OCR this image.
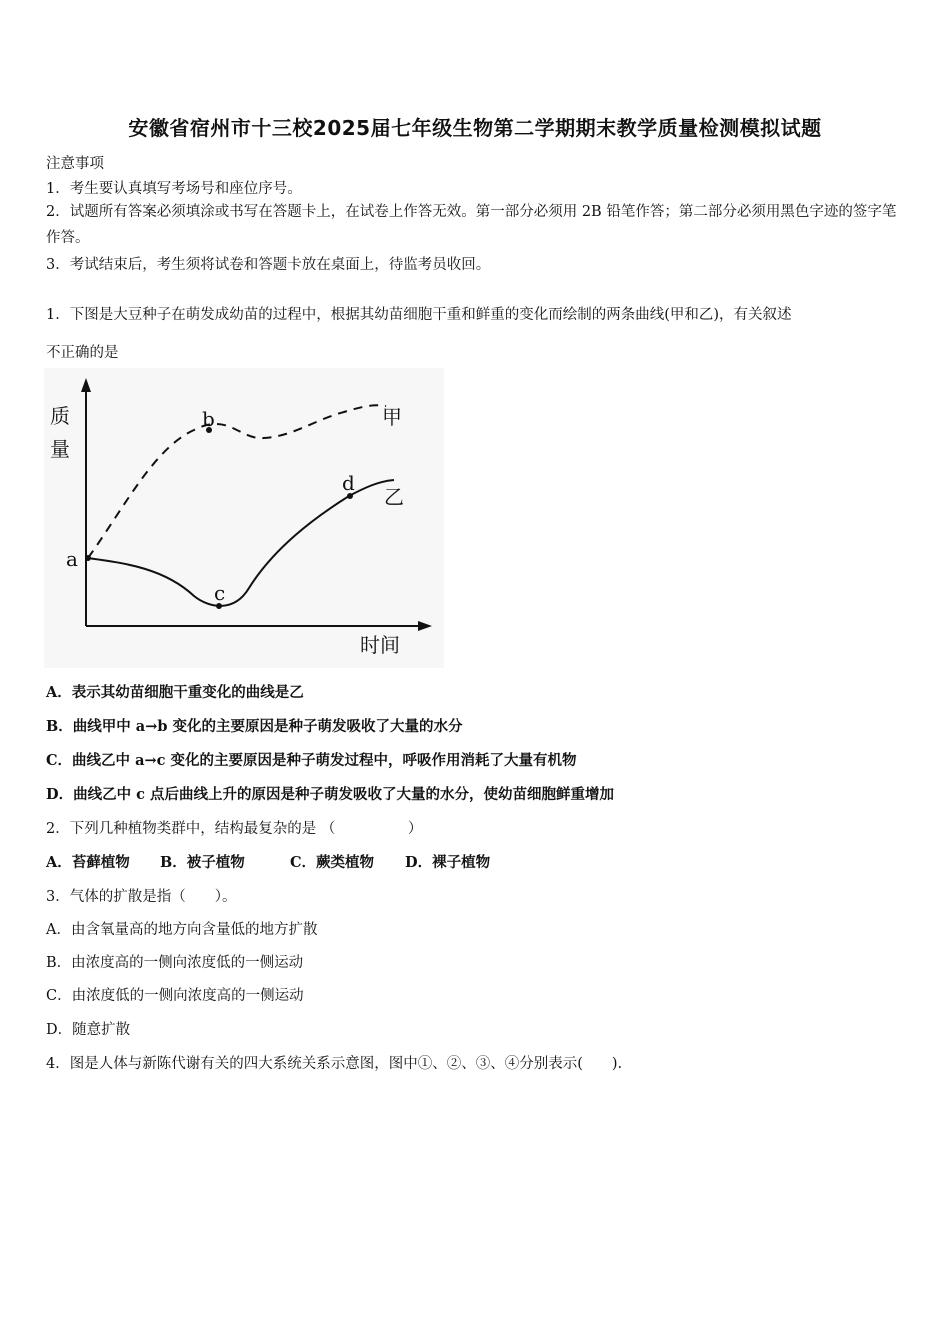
安徽省宿州市十三校2025届七年级生物第二学期期末教学质量检测模拟试题
注意事项
1．考生要认真填写考场号和座位序号。
2．试题所有答案必须填涂或书写在答题卡上，在试卷上作答无效。第一部分必须用 2B 铅笔作答；第二部分必须用黑色字迹的签字笔作答。
3．考试结束后，考生须将试卷和答题卡放在桌面上，待监考员收回。
1．下图是大豆种子在萌发成幼苗的过程中，根据其幼苗细胞干重和鲜重的变化而绘制的两条曲线(甲和乙)，有关叙述
不正确的是
质
量
a
b
c
d
甲
乙
时间
A．表示其幼苗细胞干重变化的曲线是乙
B．曲线甲中 a→b 变化的主要原因是种子萌发吸收了大量的水分
C．曲线乙中 a→c 变化的主要原因是种子萌发过程中，呼吸作用消耗了大量有机物
D．曲线乙中 c 点后曲线上升的原因是种子萌发吸收了大量的水分，使幼苗细胞鲜重增加
2．下列几种植物类群中，结构最复杂的是 （　　　　　）
A．苔藓植物 B．被子植物	C．蕨类植物 D．裸子植物
3．气体的扩散是指（　　）。
A．由含氧量高的地方向含量低的地方扩散
B．由浓度高的一侧向浓度低的一侧运动
C．由浓度低的一侧向浓度高的一侧运动
D．随意扩散
4．图是人体与新陈代谢有关的四大系统关系示意图，图中①、②、③、④分别表示(　　).
